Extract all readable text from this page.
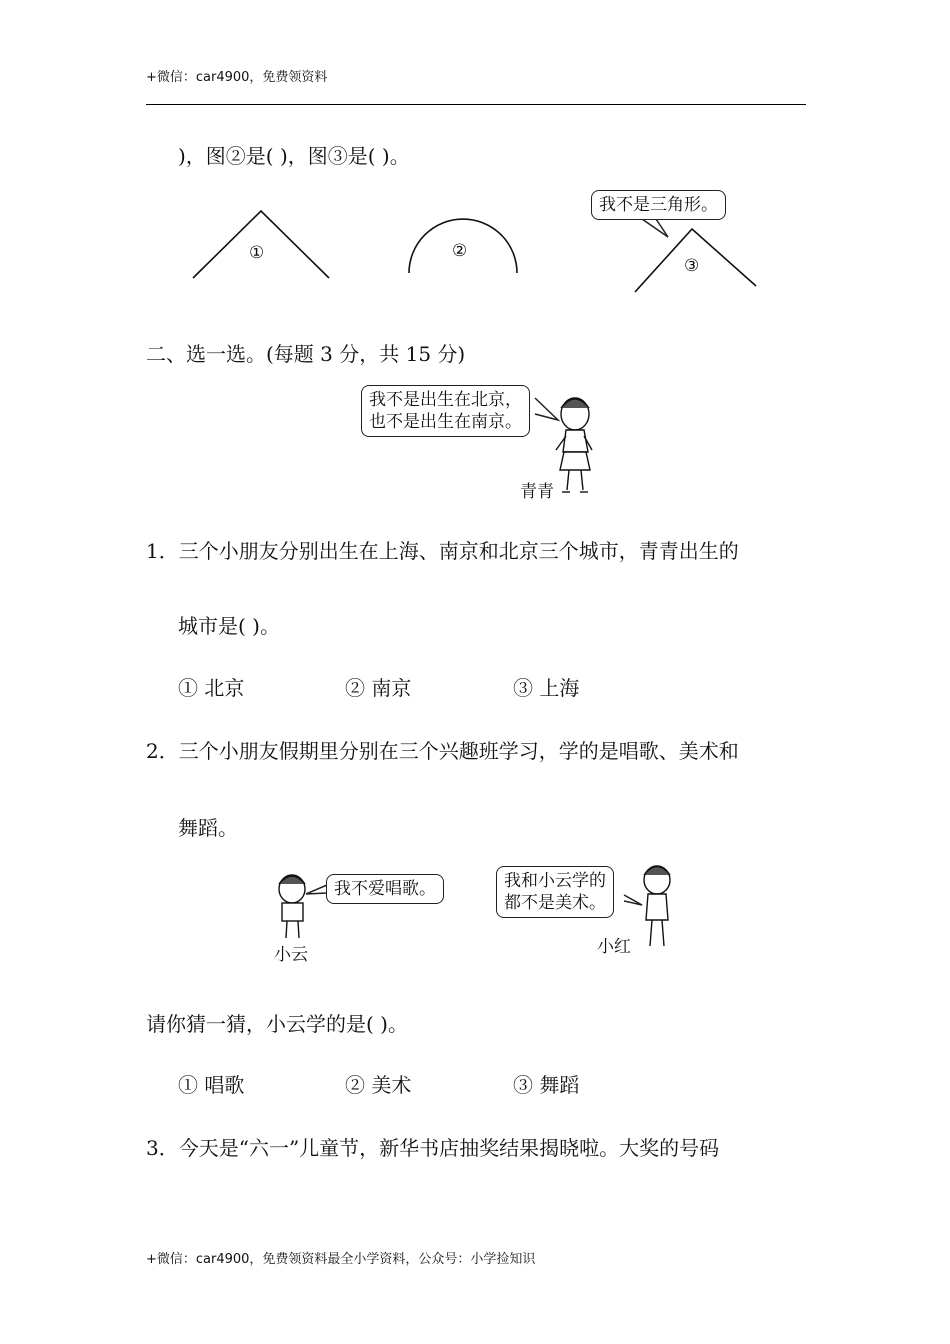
+微信：car4900，免费领资料
)，图②是( )，图③是( )。
①	②
③
我不是三角形。
二、选一选。(每题 3 分，共 15 分)
我不是出生在北京，
也不是出生在南京。
青青
1．三个小朋友分别出生在上海、南京和北京三个城市，青青出生的
城市是( )。
① 北京	② 南京	③ 上海
2．三个小朋友假期里分别在三个兴趣班学习，学的是唱歌、美术和
舞蹈。
我不爱唱歌。
小云
我和小云学的
都不是美术。
小红
请你猜一猜，小云学的是( )。
① 唱歌	② 美术	③ 舞蹈
3．今天是“六一”儿童节，新华书店抽奖结果揭晓啦。大奖的号码
+微信：car4900，免费领资料最全小学资料，公众号：小学捡知识
